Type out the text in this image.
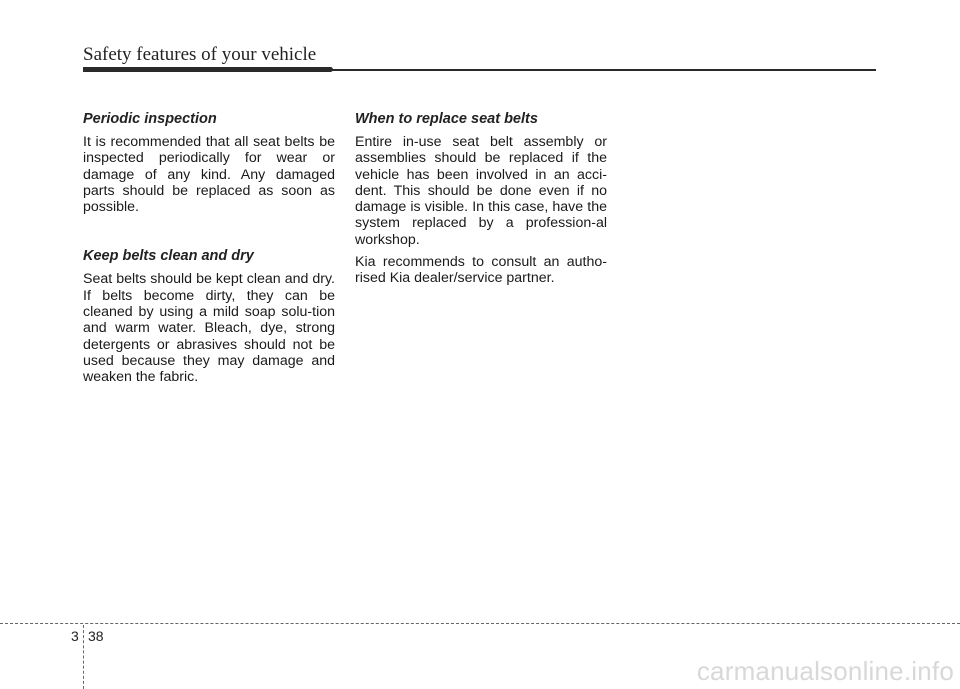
Safety features of your vehicle
Periodic inspection

It is recommended that all seat belts be inspected periodically for wear or damage of any kind. Any damaged parts should be replaced as soon as possible.

Keep belts clean and dry

Seat belts should be kept clean and dry. If belts become dirty, they can be cleaned by using a mild soap solu-tion and warm water. Bleach, dye, strong detergents or abrasives should not be used because they may damage and weaken the fabric.

When to replace seat belts

Entire in-use seat belt assembly or assemblies should be replaced if the vehicle has been involved in an acci-dent. This should be done even if no damage is visible. In this case, have the system replaced by a profession-al workshop.

Kia recommends to consult an autho-rised Kia dealer/service partner.

3 38
carmanualsonline.info
